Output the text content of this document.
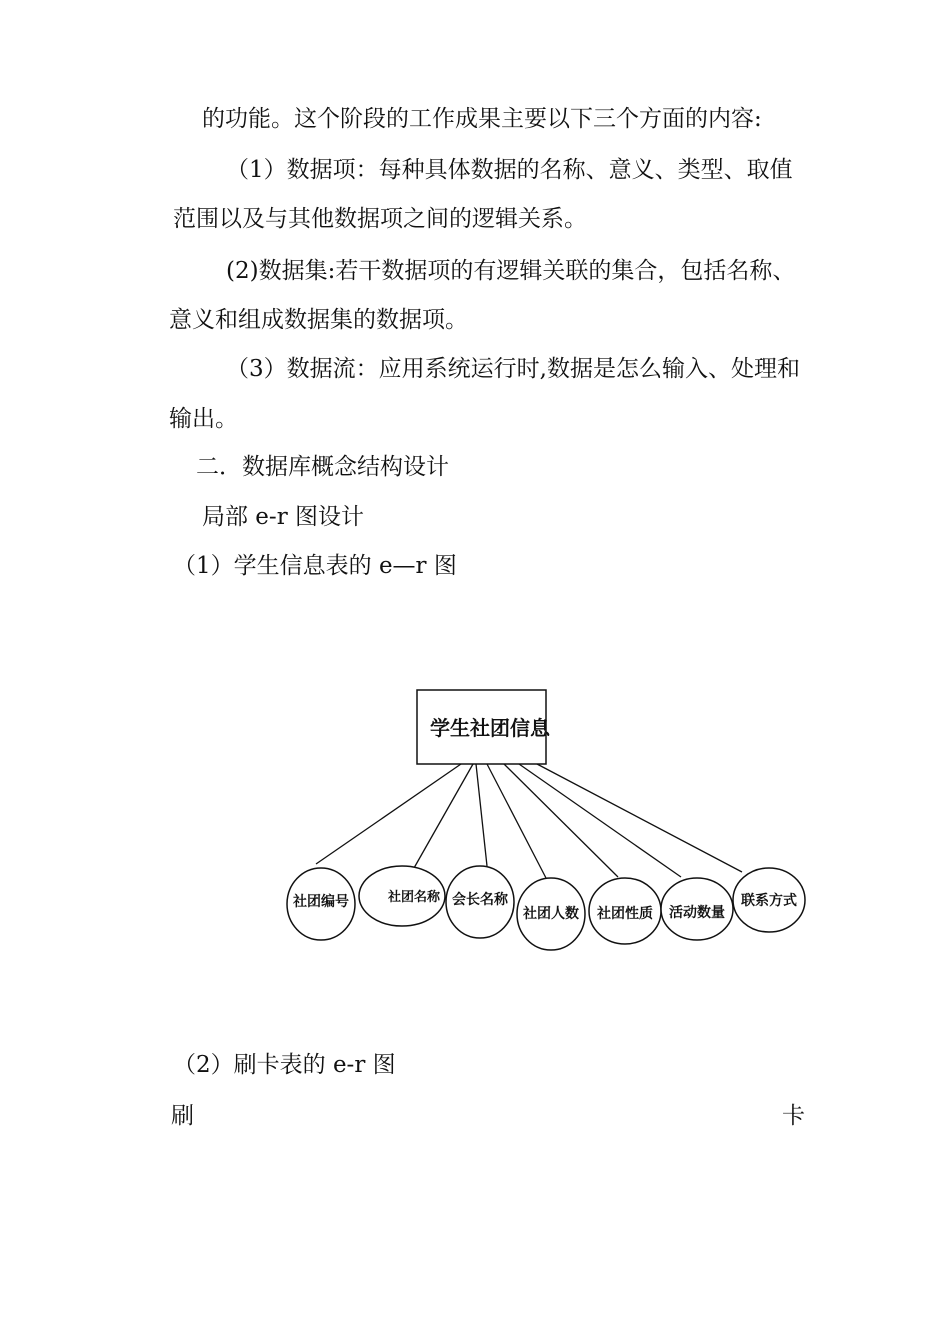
的功能。这个阶段的工作成果主要以下三个方面的内容:
（1）数据项：每种具体数据的名称、意义、类型、取值
范围以及与其他数据项之间的逻辑关系。
(2)数据集:若干数据项的有逻辑关联的集合，包括名称、
意义和组成数据集的数据项。
（3）数据流：应用系统运行时,数据是怎么输入、处理和
输出。
二．数据库概念结构设计
局部 e-r 图设计
（1）学生信息表的 e—r 图
学生社团信息
社团编号	社团名称 会长名称
社团人数 社团性质 活动数量
联系方式
（2）刷卡表的 e-r 图
刷	卡
